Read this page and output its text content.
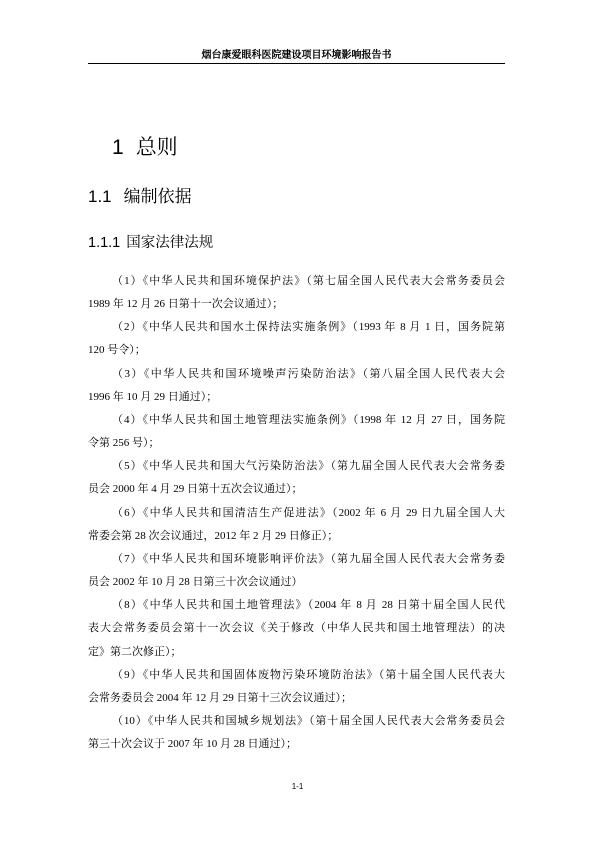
烟台康爱眼科医院建设项目环境影响报告书
1 总则
1.1 编制依据
1.1.1 国家法律法规
（1）《中华人民共和国环境保护法》（第七届全国人民代表大会常务委员会
1989 年 12 月 26 日第十一次会议通过）；
（2）《中华人民共和国水土保持法实施条例》（1993 年 8 月 1 日，国务院第
120 号令）；
（3）《中华人民共和国环境噪声污染防治法》（第八届全国人民代表大会
1996 年 10 月 29 日通过）；
（4）《中华人民共和国土地管理法实施条例》（1998 年 12 月 27 日，国务院
令第 256 号）；
（5）《中华人民共和国大气污染防治法》（第九届全国人民代表大会常务委
员会 2000 年 4 月 29 日第十五次会议通过）；
（6）《中华人民共和国清洁生产促进法》（2002 年 6 月 29 日九届全国人大
常委会第 28 次会议通过，2012 年 2 月 29 日修正）；
（7）《中华人民共和国环境影响评价法》（第九届全国人民代表大会常务委
员会 2002 年 10 月 28 日第三十次会议通过）
（8）《中华人民共和国土地管理法》（2004 年 8 月 28 日第十届全国人民代
表大会常务委员会第十一次会议《关于修改（中华人民共和国土地管理法）的决
定》第二次修正）；
（9）《中华人民共和国固体废物污染环境防治法》（第十届全国人民代表大
会常务委员会 2004 年 12 月 29 日第十三次会议通过）；
（10）《中华人民共和国城乡规划法》（第十届全国人民代表大会常务委员会
第三十次会议于 2007 年 10 月 28 日通过）；
1-1
